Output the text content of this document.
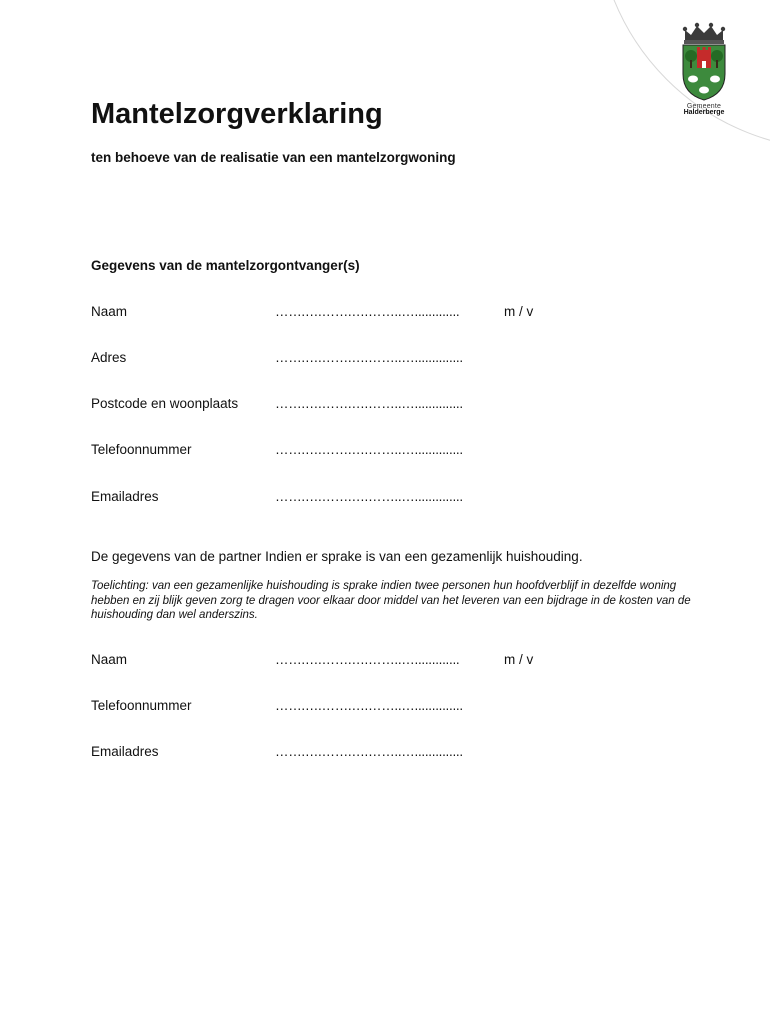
Gemeente
Halderberge
Mantelzorgverklaring

ten behoeve van de realisatie van een mantelzorgwoning

Gegevens van de mantelzorgontvanger(s)

Naam	…….….…….….……..….............	m / v
Adres	…….….…….….……..…..............
Postcode en woonplaats	…….….…….….……..…..............
Telefoonnummer	…….….…….….……..…..............
Emailadres	…….….…….….……..…..............

De gegevens van de partner Indien er sprake is van een gezamenlijk huishouding.

Toelichting: van een gezamenlijke huishouding is sprake indien twee personen hun hoofdverblijf in dezelfde woning hebben en zij blijk geven zorg te dragen voor elkaar door middel van het leveren van een bijdrage in de kosten van de huishouding dan wel anderszins.

Naam	…….….…….….……..….............	m / v
Telefoonnummer	…….….…….….……..…..............
Emailadres	…….….…….….……..…..............
